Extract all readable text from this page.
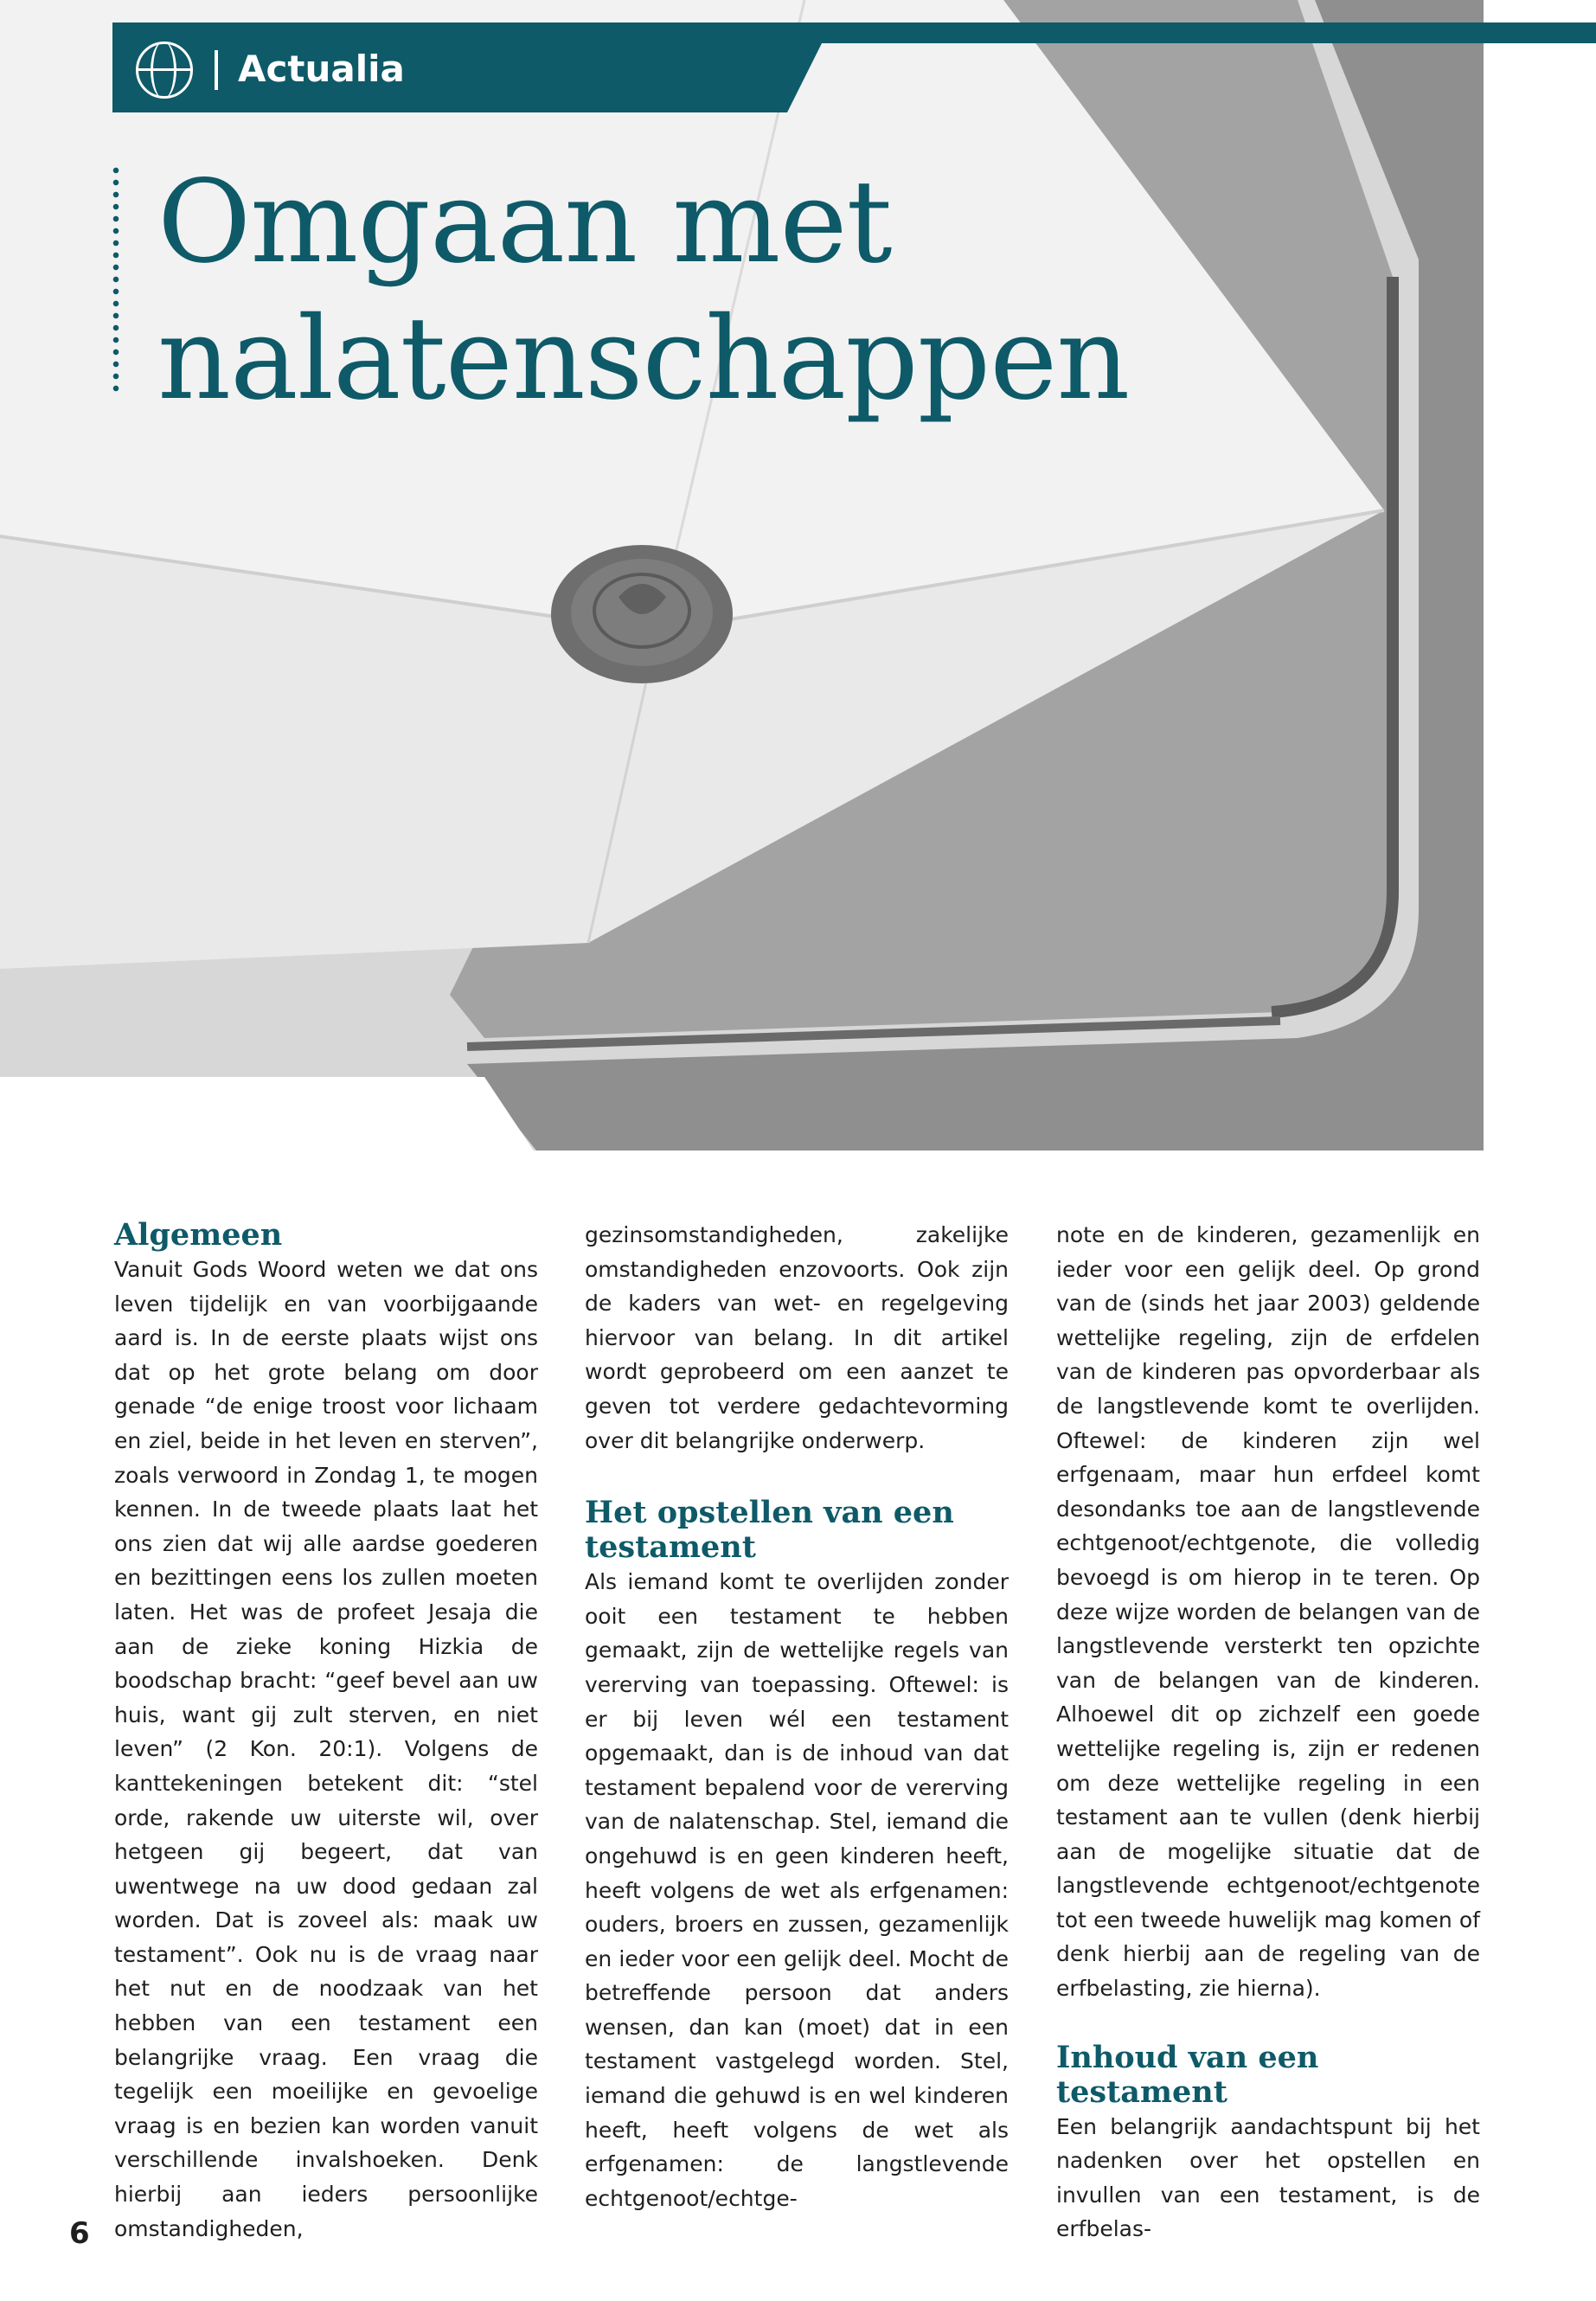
Actualia
Omgaan met
nalatenschappen
Algemeen

Vanuit Gods Woord weten we dat ons leven tijdelijk en van voorbijgaande aard is. In de eerste plaats wijst ons dat op het grote belang om door genade “de enige troost voor lichaam en ziel, beide in het leven en sterven”, zoals verwoord in Zondag 1, te mogen kennen. In de tweede plaats laat het ons zien dat wij alle aardse goederen en bezittingen eens los zullen moeten laten. Het was de profeet Jesaja die aan de zieke koning Hizkia de boodschap bracht: “geef bevel aan uw huis, want gij zult sterven, en niet leven” (2 Kon. 20:1). Volgens de kanttekeningen betekent dit: “stel orde, rakende uw uiterste wil, over hetgeen gij begeert, dat van uwentwege na uw dood gedaan zal worden. Dat is zoveel als: maak uw testament”. Ook nu is de vraag naar het nut en de noodzaak van het hebben van een testament een belangrijke vraag. Een vraag die tegelijk een moeilijke en gevoelige vraag is en bezien kan worden vanuit verschillende invalshoeken. Denk hierbij aan ieders persoonlijke omstandigheden,

gezinsomstandigheden, zakelijke omstandigheden enzovoorts. Ook zijn de kaders van wet- en regelgeving hiervoor van belang. In dit artikel wordt geprobeerd om een aanzet te geven tot verdere gedachtevorming over dit belangrijke onderwerp.

Het opstellen van een testament

Als iemand komt te overlijden zonder ooit een testament te hebben gemaakt, zijn de wettelijke regels van vererving van toepassing. Oftewel: is er bij leven wél een testament opgemaakt, dan is de inhoud van dat testament bepalend voor de vererving van de nalatenschap. Stel, iemand die ongehuwd is en geen kinderen heeft, heeft volgens de wet als erfgenamen: ouders, broers en zussen, gezamenlijk en ieder voor een gelijk deel. Mocht de betreffende persoon dat anders wensen, dan kan (moet) dat in een testament vastgelegd worden. Stel, iemand die gehuwd is en wel kinderen heeft, heeft volgens de wet als erfgenamen: de langstlevende echtgenoot/echtge-

note en de kinderen, gezamenlijk en ieder voor een gelijk deel. Op grond van de (sinds het jaar 2003) geldende wettelijke regeling, zijn de erfdelen van de kinderen pas opvorderbaar als de langstlevende komt te overlijden. Oftewel: de kinderen zijn wel erfgenaam, maar hun erfdeel komt desondanks toe aan de langstlevende echtgenoot/echtgenote, die volledig bevoegd is om hierop in te teren. Op deze wijze worden de belangen van de langstlevende versterkt ten opzichte van de belangen van de kinderen. Alhoewel dit op zichzelf een goede wettelijke regeling is, zijn er redenen om deze wettelijke regeling in een testament aan te vullen (denk hierbij aan de mogelijke situatie dat de langstlevende echtgenoot/echtgenote tot een tweede huwelijk mag komen of denk hierbij aan de regeling van de erfbelasting, zie hierna).

Inhoud van een testament

Een belangrijk aandachtspunt bij het nadenken over het opstellen en invullen van een testament, is de erfbelas-

6
